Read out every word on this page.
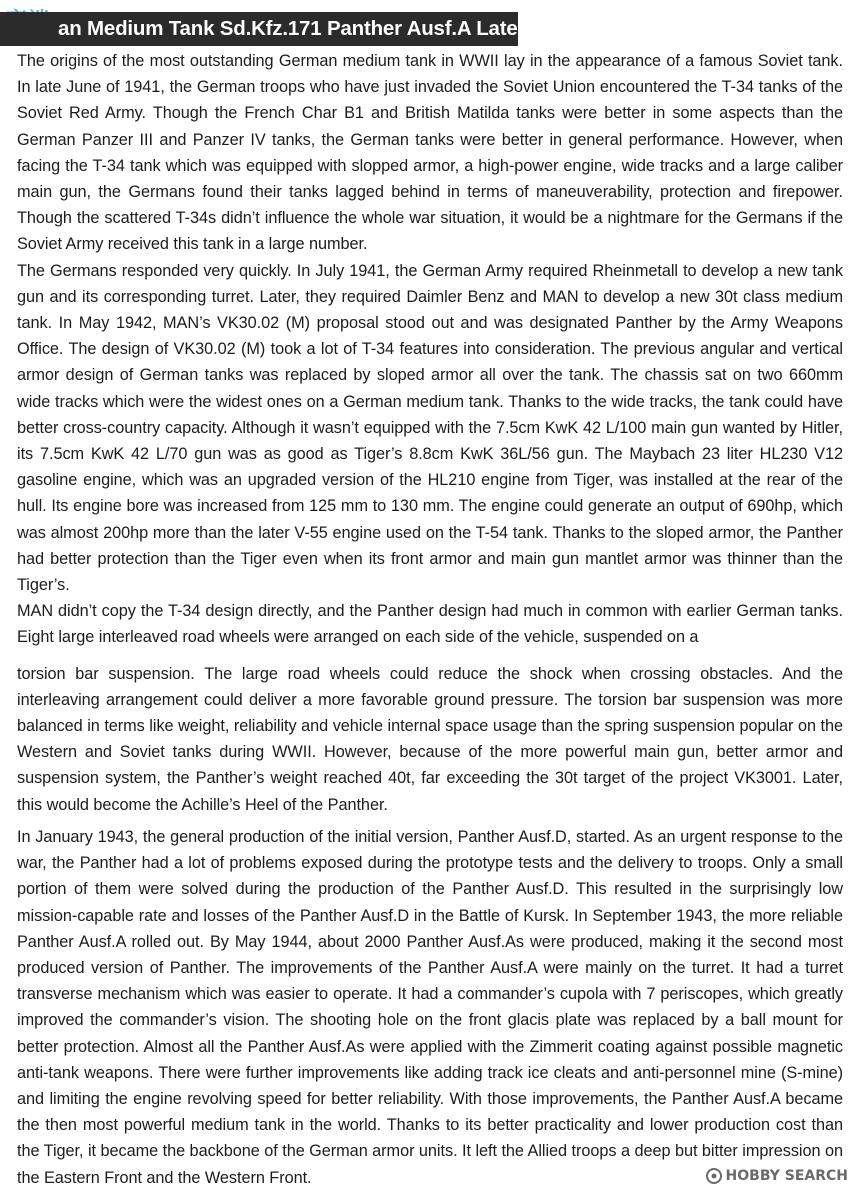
an Medium Tank Sd.Kfz.171 Panther Ausf.A Late

The origins of the most outstanding German medium tank in WWII lay in the appearance of a famous Soviet tank. In late June of 1941, the German troops who have just invaded the Soviet Union encountered the T-34 tanks of the Soviet Red Army. Though the French Char B1 and British Matilda tanks were better in some aspects than the German Panzer III and Panzer IV tanks, the German tanks were better in general performance. However, when facing the T-34 tank which was equipped with slopped armor, a high-power engine, wide tracks and a large caliber main gun, the Germans found their tanks lagged behind in terms of maneuverability, protection and firepower. Though the scattered T-34s didn’t influence the whole war situation, it would be a nightmare for the Germans if the Soviet Army received this tank in a large number.

The Germans responded very quickly. In July 1941, the German Army required Rheinmetall to develop a new tank gun and its corresponding turret. Later, they required Daimler Benz and MAN to develop a new 30t class medium tank. In May 1942, MAN’s VK30.02 (M) proposal stood out and was designated Panther by the Army Weapons Office. The design of VK30.02 (M) took a lot of T-34 features into consideration. The previous angular and vertical armor design of German tanks was replaced by sloped armor all over the tank. The chassis sat on two 660mm wide tracks which were the widest ones on a German medium tank. Thanks to the wide tracks, the tank could have better cross-country capacity. Although it wasn’t equipped with the 7.5cm KwK 42 L/100 main gun wanted by Hitler, its 7.5cm KwK 42 L/70 gun was as good as Tiger’s 8.8cm KwK 36L/56 gun. The Maybach 23 liter HL230 V12 gasoline engine, which was an upgraded version of the HL210 engine from Tiger, was installed at the rear of the hull. Its engine bore was increased from 125 mm to 130 mm. The engine could generate an output of 690hp, which was almost 200hp more than the later V-55 engine used on the T-54 tank. Thanks to the sloped armor, the Panther had better protection than the Tiger even when its front armor and main gun mantlet armor was thinner than the Tiger’s.

MAN didn’t copy the T-34 design directly, and the Panther design had much in common with earlier German tanks. Eight large interleaved road wheels were arranged on each side of the vehicle, suspended on a

torsion bar suspension. The large road wheels could reduce the shock when crossing obstacles. And the interleaving arrangement could deliver a more favorable ground pressure. The torsion bar suspension was more balanced in terms like weight, reliability and vehicle internal space usage than the spring suspension popular on the Western and Soviet tanks during WWII. However, because of the more powerful main gun, better armor and suspension system, the Panther’s weight reached 40t, far exceeding the 30t target of the project VK3001. Later, this would become the Achille’s Heel of the Panther.

In January 1943, the general production of the initial version, Panther Ausf.D, started. As an urgent response to the war, the Panther had a lot of problems exposed during the prototype tests and the delivery to troops. Only a small portion of them were solved during the production of the Panther Ausf.D. This resulted in the surprisingly low mission-capable rate and losses of the Panther Ausf.D in the Battle of Kursk. In September 1943, the more reliable Panther Ausf.A rolled out. By May 1944, about 2000 Panther Ausf.As were produced, making it the second most produced version of Panther. The improvements of the Panther Ausf.A were mainly on the turret. It had a turret transverse mechanism which was easier to operate. It had a commander’s cupola with 7 periscopes, which greatly improved the commander’s vision. The shooting hole on the front glacis plate was replaced by a ball mount for better protection. Almost all the Panther Ausf.As were applied with the Zimmerit coating against possible magnetic anti-tank weapons. There were further improvements like adding track ice cleats and anti-personnel mine (S-mine) and limiting the engine revolving speed for better reliability. With those improvements, the Panther Ausf.A became the then most powerful medium tank in the world. Thanks to its better practicality and lower production cost than the Tiger, it became the backbone of the German armor units. It left the Allied troops a deep but bitter impression on the Eastern Front and the Western Front.	HOBBY SEARCH
